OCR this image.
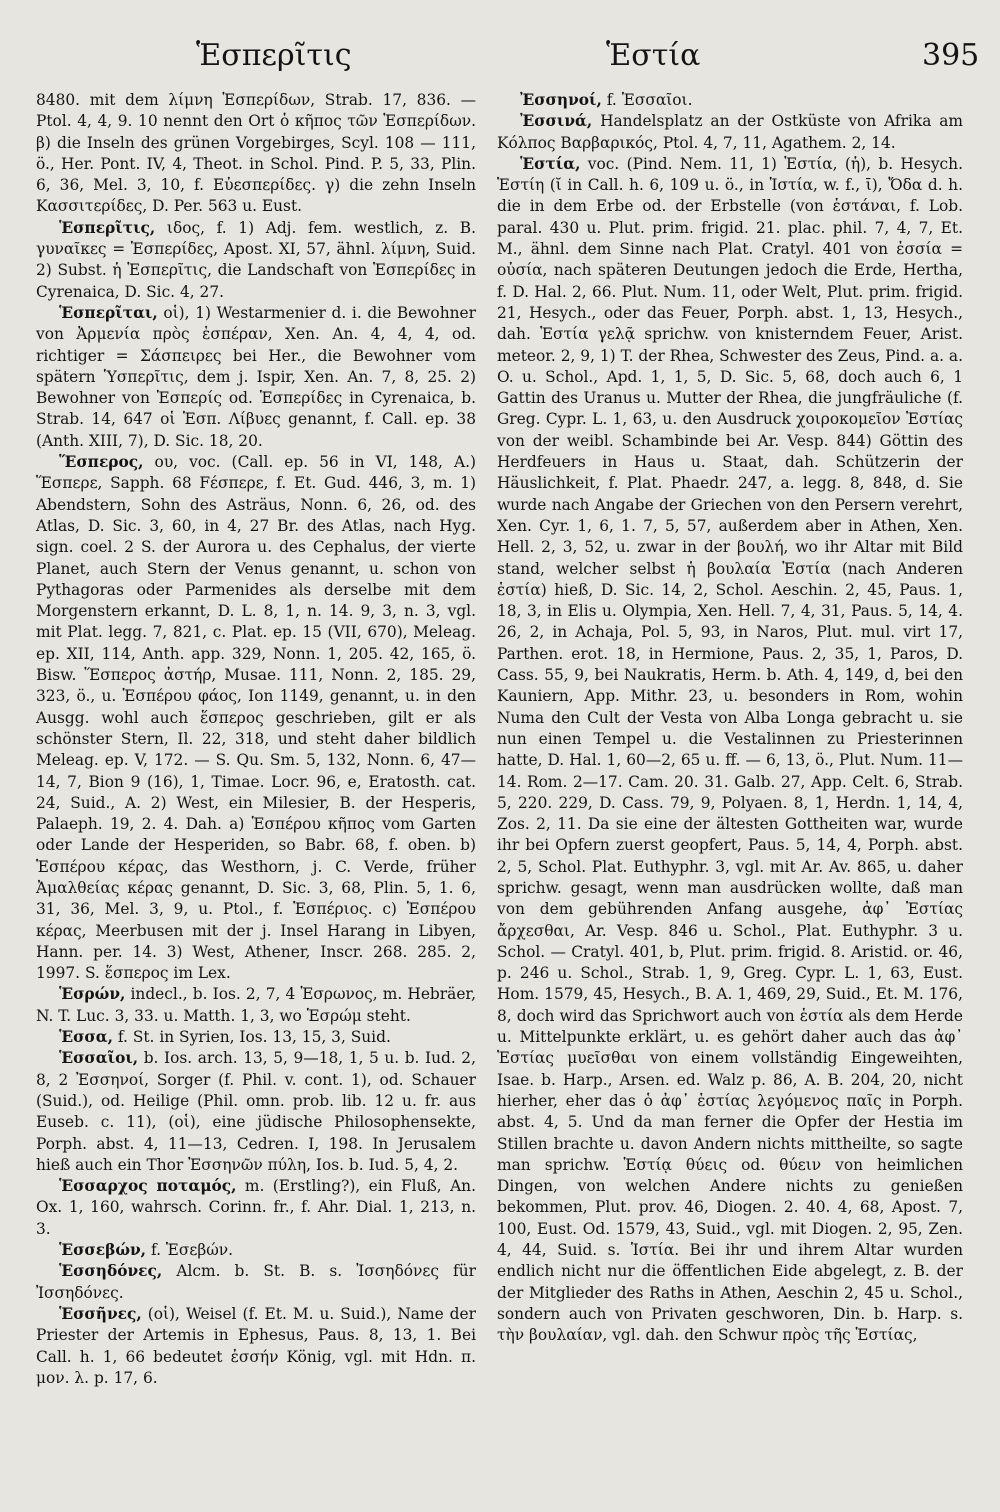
Ἑσπερῖτις	Ἑστία	395

8480. mit dem λίμνη Ἑσπερίδων, Strab. 17, 836. — Ptol. 4, 4, 9. 10 nennt den Ort ὁ κῆπος τῶν Ἑσπερίδων. β) die Inseln des grünen Vorgebirges, Scyl. 108 — 111, ö., Her. Pont. IV, 4, Theot. in Schol. Pind. P. 5, 33, Plin. 6, 36, Mel. 3, 10, f. Εὐεσπερίδες. γ) die zehn Inseln Κασσιτερίδες, D. Per. 563 u. Eust.

Ἑσπερῖτις, ιδος, f. 1) Adj. fem. westlich, z. B. γυναῖκες = Ἑσπερίδες, Apost. XI, 57, ähnl. λίμνη, Suid. 2) Subst. ἡ Ἑσπερῖτις, die Landschaft von Ἑσπερίδες in Cyrenaica, D. Sic. 4, 27.

Ἑσπερῖται, οἱ), 1) Westarmenier d. i. die Bewohner von Ἀρμενία πρὸς ἑσπέραν, Xen. An. 4, 4, 4, od. richtiger = Σάσπειρες bei Her., die Bewohner vom spätern Ὑσπερῖτις, dem j. Ispir, Xen. An. 7, 8, 25. 2) Bewohner von Ἑσπερίς od. Ἑσπερίδες in Cyrenaica, b. Strab. 14, 647 οἱ Ἑσπ. Λίβυες genannt, f. Call. ep. 38 (Anth. XIII, 7), D. Sic. 18, 20.

Ἕσπερος, ου, voc. (Call. ep. 56 in VI, 148, A.) Ἕσπερε, Sapph. 68 Fέσπερε, f. Et. Gud. 446, 3, m. 1) Abendstern, Sohn des Asträus, Nonn. 6, 26, od. des Atlas, D. Sic. 3, 60, in 4, 27 Br. des Atlas, nach Hyg. sign. coel. 2 S. der Aurora u. des Cephalus, der vierte Planet, auch Stern der Venus genannt, u. schon von Pythagoras oder Parmenides als derselbe mit dem Morgenstern erkannt, D. L. 8, 1, n. 14. 9, 3, n. 3, vgl. mit Plat. legg. 7, 821, c. Plat. ep. 15 (VII, 670), Meleag. ep. XII, 114, Anth. app. 329, Nonn. 1, 205. 42, 165, ö. Bisw. Ἕσπερος ἀστήρ, Musae. 111, Nonn. 2, 185. 29, 323, ö., u. Ἑσπέρου φάος, Ion 1149, genannt, u. in den Ausgg. wohl auch ἕσπερος geschrieben, gilt er als schönster Stern, Il. 22, 318, und steht daher bildlich Meleag. ep. V, 172. — S. Qu. Sm. 5, 132, Nonn. 6, 47—14, 7, Bion 9 (16), 1, Timae. Locr. 96, e, Eratosth. cat. 24, Suid., A. 2) West, ein Milesier, B. der Hesperis, Palaeph. 19, 2. 4. Dah. a) Ἑσπέρου κῆπος vom Garten oder Lande der Hesperiden, so Babr. 68, f. oben. b) Ἑσπέρου κέρας, das Westhorn, j. C. Verde, früher Ἀμαλθείας κέρας genannt, D. Sic. 3, 68, Plin. 5, 1. 6, 31, 36, Mel. 3, 9, u. Ptol., f. Ἑσπέριος. c) Ἑσπέρου κέρας, Meerbusen mit der j. Insel Harang in Libyen, Hann. per. 14. 3) West, Athener, Inscr. 268. 285. 2, 1997. S. ἕσπερος im Lex.

Ἑσρών, indecl., b. Ios. 2, 7, 4 Ἑσρωνος, m. Hebräer, N. T. Luc. 3, 33. u. Matth. 1, 3, wo Ἑσρώμ steht.

Ἑσσα, f. St. in Syrien, Ios. 13, 15, 3, Suid.

Ἑσσαῖοι, b. Ios. arch. 13, 5, 9—18, 1, 5 u. b. Iud. 2, 8, 2 Ἐσσηνοί, Sorger (f. Phil. v. cont. 1), od. Schauer (Suid.), od. Heilige (Phil. omn. prob. lib. 12 u. fr. aus Euseb. c. 11), (οἱ), eine jüdische Philosophensekte, Porph. abst. 4, 11—13, Cedren. I, 198. In Jerusalem hieß auch ein Thor Ἐσσηνῶν πύλη, Ios. b. Iud. 5, 4, 2.

Ἑσσαρχος ποταμός, m. (Erstling?), ein Fluß, An. Ox. 1, 160, wahrsch. Corinn. fr., f. Ahr. Dial. 1, 213, n. 3.

Ἑσσεβών, f. Ἑσεβών.

Ἑσσηδόνες, Alcm. b. St. B. s. Ἰσσηδόνες für Ἰσσηδόνες.

Ἑσσῆνες, (οἱ), Weisel (f. Et. M. u. Suid.), Name der Priester der Artemis in Ephesus, Paus. 8, 13, 1. Bei Call. h. 1, 66 bedeutet ἐσσήν König, vgl. mit Hdn. π. μον. λ. p. 17, 6.

Ἐσσηνοί, f. Ἐσσαῖοι.

Ἐσσινά, Handelsplatz an der Ostküste von Afrika am Κόλπος Βαρβαρικός, Ptol. 4, 7, 11, Agathem. 2, 14.

Ἑστία, voc. (Pind. Nem. 11, 1) Ἑστία, (ἡ), b. Hesych. Ἑστίη (ῐ in Call. h. 6, 109 u. ö., in Ἱστία, w. f., ῑ), Ὄδα d. h. die in dem Erbe od. der Erbstelle (von ἑστάναι, f. Lob. paral. 430 u. Plut. prim. frigid. 21. plac. phil. 7, 4, 7, Et. M., ähnl. dem Sinne nach Plat. Cratyl. 401 von ἐσσία = οὐσία, nach späteren Deutungen jedoch die Erde, Hertha, f. D. Hal. 2, 66. Plut. Num. 11, oder Welt, Plut. prim. frigid. 21, Hesych., oder das Feuer, Porph. abst. 1, 13, Hesych., dah. Ἑστία γελᾷ sprichw. von knisterndem Feuer, Arist. meteor. 2, 9, 1) T. der Rhea, Schwester des Zeus, Pind. a. a. O. u. Schol., Apd. 1, 1, 5, D. Sic. 5, 68, doch auch 6, 1 Gattin des Uranus u. Mutter der Rhea, die jungfräuliche (f. Greg. Cypr. L. 1, 63, u. den Ausdruck χοιροκομεῖον Ἑστίας von der weibl. Schambinde bei Ar. Vesp. 844) Göttin des Herdfeuers in Haus u. Staat, dah. Schützerin der Häuslichkeit, f. Plat. Phaedr. 247, a. legg. 8, 848, d. Sie wurde nach Angabe der Griechen von den Persern verehrt, Xen. Cyr. 1, 6, 1. 7, 5, 57, außerdem aber in Athen, Xen. Hell. 2, 3, 52, u. zwar in der βουλή, wo ihr Altar mit Bild stand, welcher selbst ἡ βουλαία Ἑστία (nach Anderen ἑστία) hieß, D. Sic. 14, 2, Schol. Aeschin. 2, 45, Paus. 1, 18, 3, in Elis u. Olympia, Xen. Hell. 7, 4, 31, Paus. 5, 14, 4. 26, 2, in Achaja, Pol. 5, 93, in Naros, Plut. mul. virt 17, Parthen. erot. 18, in Hermione, Paus. 2, 35, 1, Paros, D. Cass. 55, 9, bei Naukratis, Herm. b. Ath. 4, 149, d, bei den Kauniern, App. Mithr. 23, u. besonders in Rom, wohin Numa den Cult der Vesta von Alba Longa gebracht u. sie nun einen Tempel u. die Vestalinnen zu Priesterinnen hatte, D. Hal. 1, 60—2, 65 u. ff. — 6, 13, ö., Plut. Num. 11—14. Rom. 2—17. Cam. 20. 31. Galb. 27, App. Celt. 6, Strab. 5, 220. 229, D. Cass. 79, 9, Polyaen. 8, 1, Herdn. 1, 14, 4, Zos. 2, 11. Da sie eine der ältesten Gottheiten war, wurde ihr bei Opfern zuerst geopfert, Paus. 5, 14, 4, Porph. abst. 2, 5, Schol. Plat. Euthyphr. 3, vgl. mit Ar. Av. 865, u. daher sprichw. gesagt, wenn man ausdrücken wollte, daß man von dem gebührenden Anfang ausgehe, ἀφ᾽ Ἑστίας ἄρχεσθαι, Ar. Vesp. 846 u. Schol., Plat. Euthyphr. 3 u. Schol. — Cratyl. 401, b, Plut. prim. frigid. 8. Aristid. or. 46, p. 246 u. Schol., Strab. 1, 9, Greg. Cypr. L. 1, 63, Eust. Hom. 1579, 45, Hesych., B. A. 1, 469, 29, Suid., Et. M. 176, 8, doch wird das Sprichwort auch von ἑστία als dem Herde u. Mittelpunkte erklärt, u. es gehört daher auch das ἀφ᾽ Ἑστίας μυεῖσθαι von einem vollständig Eingeweihten, Isae. b. Harp., Arsen. ed. Walz p. 86, A. B. 204, 20, nicht hierher, eher das ὁ ἀφ᾽ ἑστίας λεγόμενος παῖς in Porph. abst. 4, 5. Und da man ferner die Opfer der Hestia im Stillen brachte u. davon Andern nichts mittheilte, so sagte man sprichw. Ἑστίᾳ θύεις od. θύειν von heimlichen Dingen, von welchen Andere nichts zu genießen bekommen, Plut. prov. 46, Diogen. 2. 40. 4, 68, Apost. 7, 100, Eust. Od. 1579, 43, Suid., vgl. mit Diogen. 2, 95, Zen. 4, 44, Suid. s. Ἱστία. Bei ihr und ihrem Altar wurden endlich nicht nur die öffentlichen Eide abgelegt, z. B. der der Mitglieder des Raths in Athen, Aeschin 2, 45 u. Schol., sondern auch von Privaten geschworen, Din. b. Harp. s. τὴν βουλαίαν, vgl. dah. den Schwur πρὸς τῆς Ἑστίας,
